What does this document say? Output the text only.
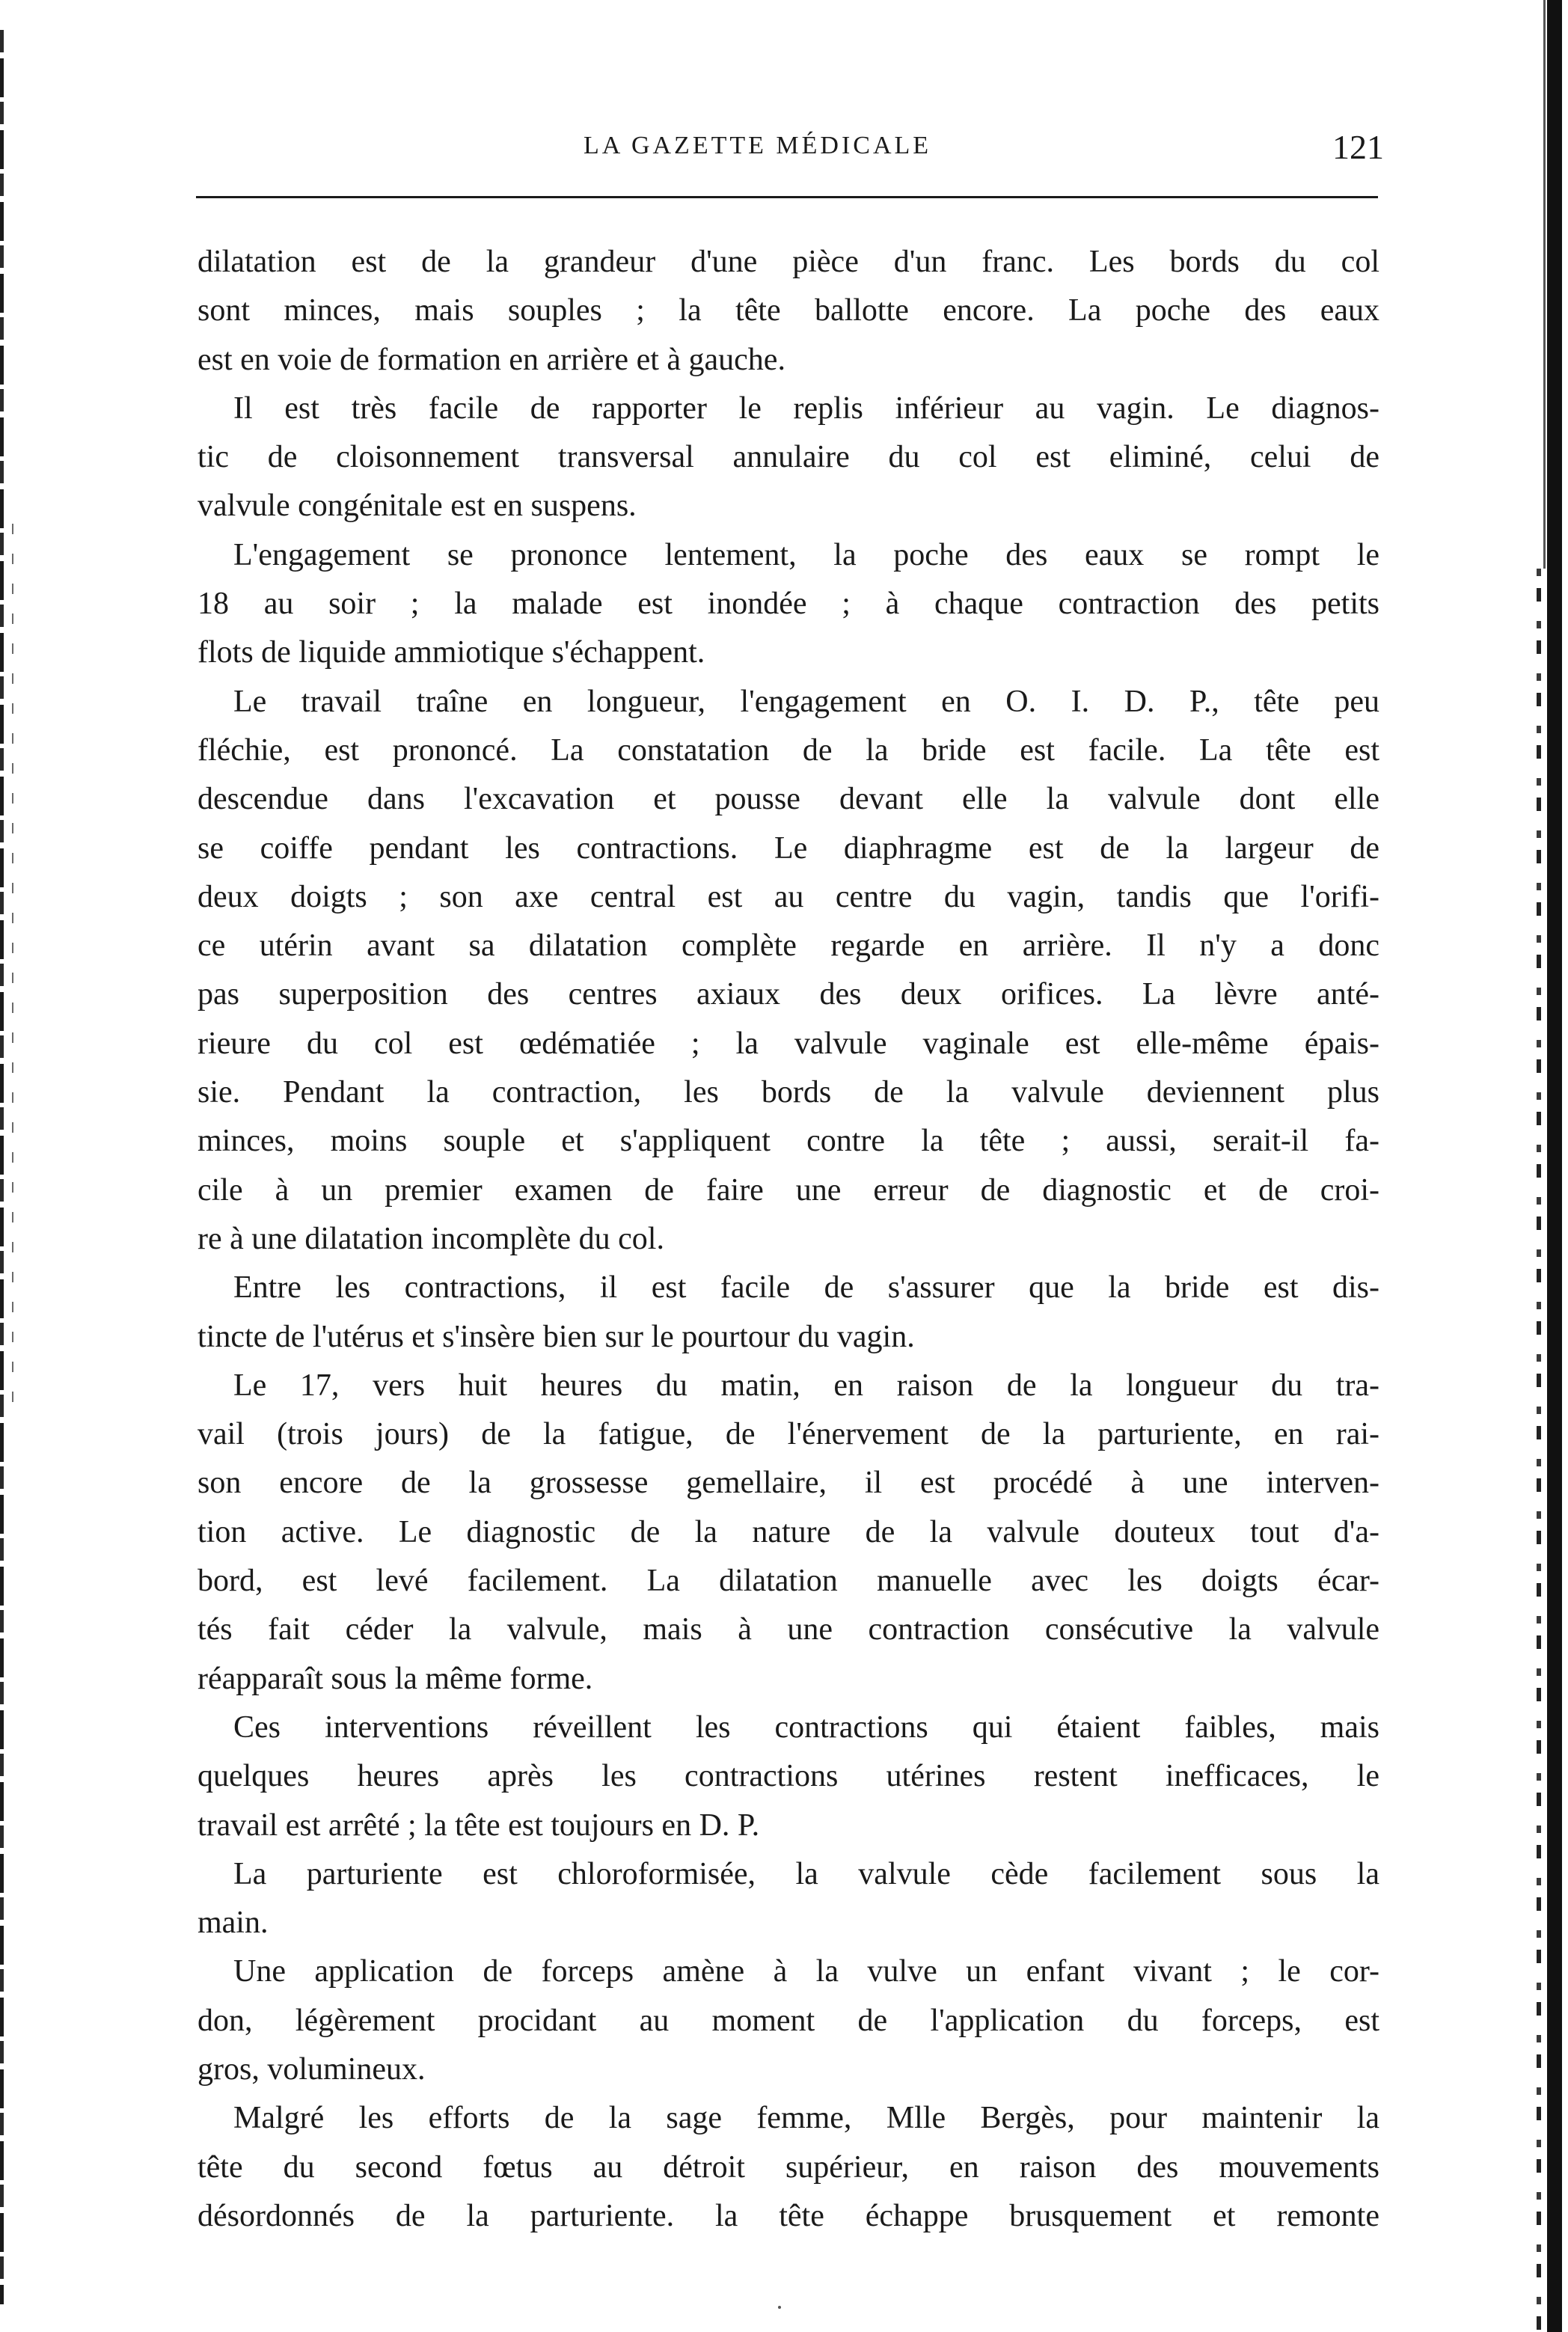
LA GAZETTE MÉDICALE	121
dilatation est de la grandeur d'une pièce d'un franc. Les bords du col
sont minces, mais souples ; la tête ballotte encore. La poche des eaux
est en voie de formation en arrière et à gauche.
Il est très facile de rapporter le replis inférieur au vagin. Le diagnos-
tic de cloisonnement transversal annulaire du col est eliminé, celui de
valvule congénitale est en suspens.
L'engagement se prononce lentement, la poche des eaux se rompt le
18 au soir ; la malade est inondée ; à chaque contraction des petits
flots de liquide ammiotique s'échappent.
Le travail traîne en longueur, l'engagement en O. I. D. P., tête peu
fléchie, est prononcé. La constatation de la bride est facile. La tête est
descendue dans l'excavation et pousse devant elle la valvule dont elle
se coiffe pendant les contractions. Le diaphragme est de la largeur de
deux doigts ; son axe central est au centre du vagin, tandis que l'orifi-
ce utérin avant sa dilatation complète regarde en arrière. Il n'y a donc
pas superposition des centres axiaux des deux orifices. La lèvre anté-
rieure du col est œdématiée ; la valvule vaginale est elle-même épais-
sie. Pendant la contraction, les bords de la valvule deviennent plus
minces, moins souple et s'appliquent contre la tête ; aussi, serait-il fa-
cile à un premier examen de faire une erreur de diagnostic et de croi-
re à une dilatation incomplète du col.
Entre les contractions, il est facile de s'assurer que la bride est dis-
tincte de l'utérus et s'insère bien sur le pourtour du vagin.
Le 17, vers huit heures du matin, en raison de la longueur du tra-
vail (trois jours) de la fatigue, de l'énervement de la parturiente, en rai-
son encore de la grossesse gemellaire, il est procédé à une interven-
tion active. Le diagnostic de la nature de la valvule douteux tout d'a-
bord, est levé facilement. La dilatation manuelle avec les doigts écar-
tés fait céder la valvule, mais à une contraction consécutive la valvule
réapparaît sous la même forme.
Ces interventions réveillent les contractions qui étaient faibles, mais
quelques heures après les contractions utérines restent inefficaces, le
travail est arrêté ; la tête est toujours en D. P.
La parturiente est chloroformisée, la valvule cède facilement sous la
main.
Une application de forceps amène à la vulve un enfant vivant ; le cor-
don, légèrement procidant au moment de l'application du forceps, est
gros, volumineux.
Malgré les efforts de la sage femme, Mlle Bergès, pour maintenir la
tête du second fœtus au détroit supérieur, en raison des mouvements
désordonnés de la parturiente. la tête échappe brusquement et remonte
